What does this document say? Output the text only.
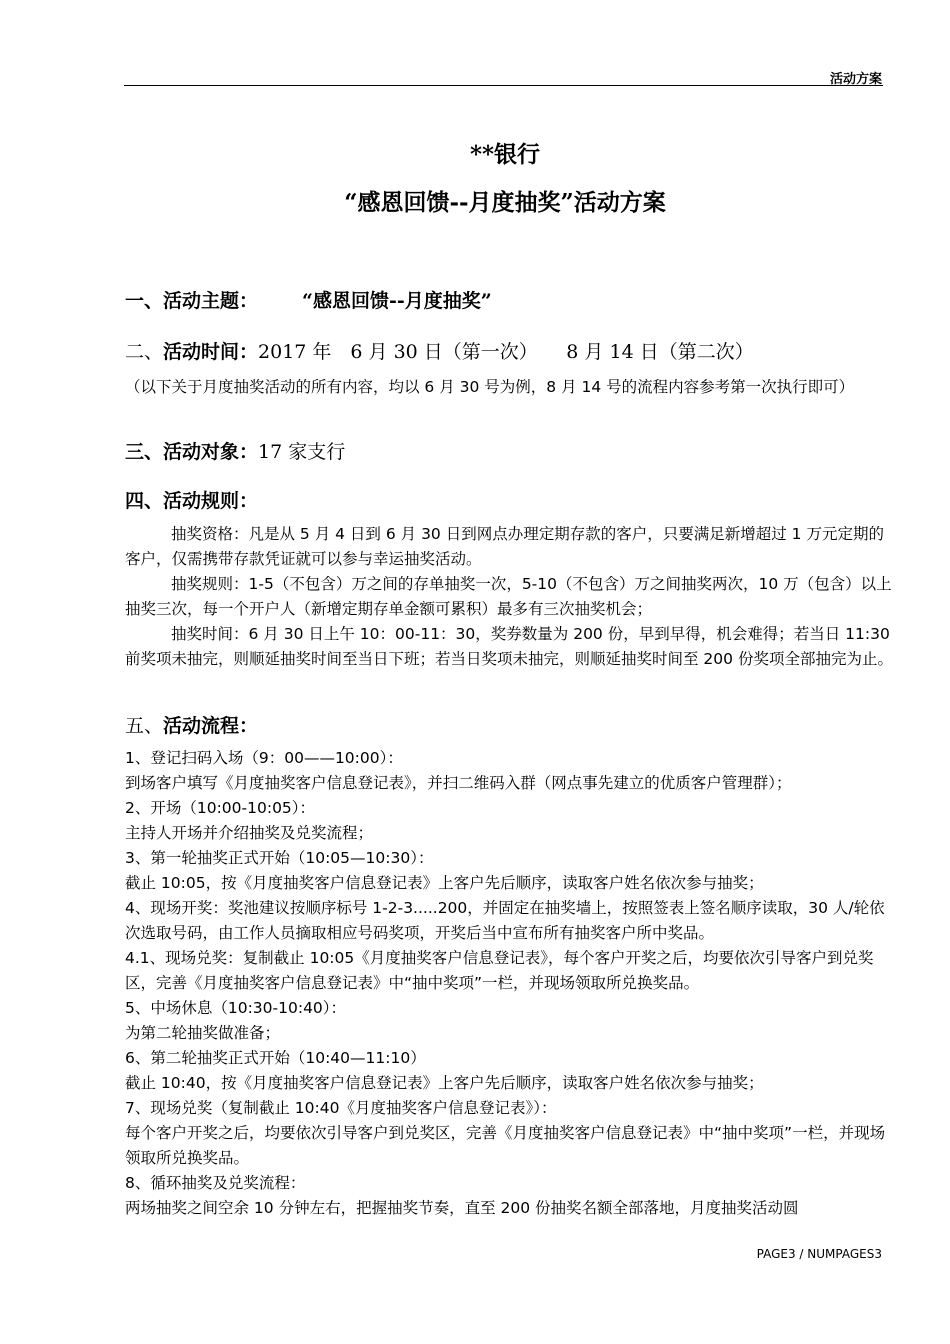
活动方案
**银行
“感恩回馈--月度抽奖”活动方案
一、活动主题： “感恩回馈--月度抽奖”
二、活动时间：2017 年　6 月 30 日（第一次）　　8 月 14 日（第二次）
（以下关于月度抽奖活动的所有内容，均以 6 月 30 号为例，8 月 14 号的流程内容参考第一次执行即可）
三、活动对象：17 家支行
四、活动规则：

抽奖资格：凡是从 5 月 4 日到 6 月 30 日到网点办理定期存款的客户，只要满足新增超过 1 万元定期的客户，仅需携带存款凭证就可以参与幸运抽奖活动。

抽奖规则：1-5（不包含）万之间的存单抽奖一次，5-10（不包含）万之间抽奖两次，10 万（包含）以上抽奖三次，每一个开户人（新增定期存单金额可累积）最多有三次抽奖机会；

抽奖时间：6 月 30 日上午 10：00-11：30，奖券数量为 200 份，早到早得，机会难得；若当日 11:30 前奖项未抽完，则顺延抽奖时间至当日下班；若当日奖项未抽完，则顺延抽奖时间至 200 份奖项全部抽完为止。

五、活动流程：
1、登记扫码入场（9：00——10:00）：
到场客户填写《月度抽奖客户信息登记表》，并扫二维码入群（网点事先建立的优质客户管理群）；
2、开场（10:00-10:05）：
主持人开场并介绍抽奖及兑奖流程；
3、第一轮抽奖正式开始（10:05—10:30）：
截止 10:05，按《月度抽奖客户信息登记表》上客户先后顺序，读取客户姓名依次参与抽奖；
4、现场开奖：奖池建议按顺序标号 1-2-3.....200，并固定在抽奖墙上，按照签表上签名顺序读取，30 人/轮依次选取号码，由工作人员摘取相应号码奖项，开奖后当中宣布所有抽奖客户所中奖品。
4.1、现场兑奖：复制截止 10:05《月度抽奖客户信息登记表》，每个客户开奖之后，均要依次引导客户到兑奖区，完善《月度抽奖客户信息登记表》中“抽中奖项”一栏，并现场领取所兑换奖品。
5、中场休息（10:30-10:40）：
为第二轮抽奖做准备；
6、第二轮抽奖正式开始（10:40—11:10）
截止 10:40，按《月度抽奖客户信息登记表》上客户先后顺序，读取客户姓名依次参与抽奖；
7、现场兑奖（复制截止 10:40《月度抽奖客户信息登记表》）：
每个客户开奖之后，均要依次引导客户到兑奖区，完善《月度抽奖客户信息登记表》中“抽中奖项”一栏，并现场领取所兑换奖品。
8、循环抽奖及兑奖流程：
两场抽奖之间空余 10 分钟左右，把握抽奖节奏，直至 200 份抽奖名额全部落地，月度抽奖活动圆
PAGE3 / NUMPAGES3
